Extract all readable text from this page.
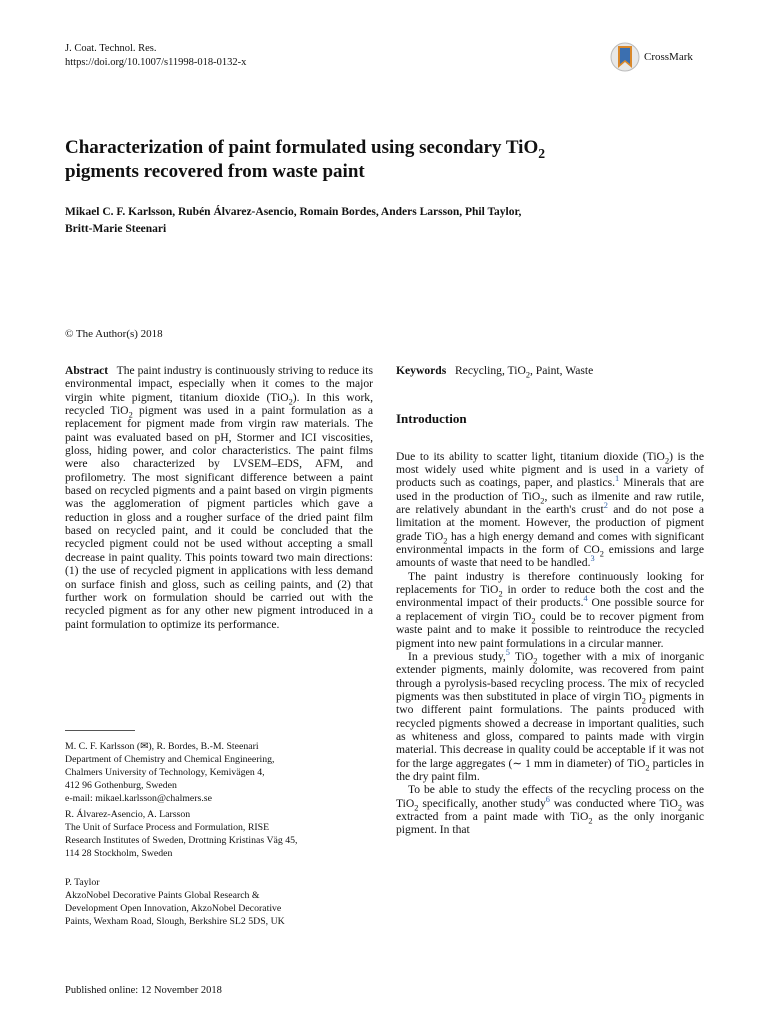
J. Coat. Technol. Res.
https://doi.org/10.1007/s11998-018-0132-x	CrossMark
Characterization of paint formulated using secondary TiO$_2$
pigments recovered from waste paint
Mikael C. F. Karlsson, Rubén Álvarez-Asencio, Romain Bordes, Anders Larsson, Phil Taylor,
Britt-Marie Steenari
© The Author(s) 2018

Abstract The paint industry is continuously striving to reduce its environmental impact, especially when it comes to the major virgin white pigment, titanium dioxide (TiO$_2$). In this work, recycled TiO$_2$ pigment was used in a paint formulation as a replacement for pigment made from virgin raw materials. The paint was evaluated based on pH, Stormer and ICI viscosities, gloss, hiding power, and color characteristics. The paint films were also characterized by LVSEM–EDS, AFM, and profilometry. The most significant difference between a paint based on recycled pigments and a paint based on virgin pigments was the agglomeration of pigment particles which gave a reduction in gloss and a rougher surface of the dried paint film based on recycled paint, and it could be concluded that the recycled pigment could not be used without accepting a small decrease in paint quality. This points toward two main directions: (1) the use of recycled pigment in applications with less demand on surface finish and gloss, such as ceiling paints, and (2) that further work on formulation should be carried out with the recycled pigment as for any other new pigment introduced in a paint formulation to optimize its performance.

M. C. F. Karlsson (✉), R. Bordes, B.-M. Steenari

Department of Chemistry and Chemical Engineering,

Chalmers University of Technology, Kemivägen 4,

412 96 Gothenburg, Sweden

e-mail: mikael.karlsson@chalmers.se

R. Álvarez-Asencio, A. Larsson

The Unit of Surface Process and Formulation, RISE

Research Institutes of Sweden, Drottning Kristinas Väg 45,

114 28 Stockholm, Sweden

P. Taylor

AkzoNobel Decorative Paints Global Research &

Development Open Innovation, AkzoNobel Decorative

Paints, Wexham Road, Slough, Berkshire SL2 5DS, UK

Published online: 12 November 2018

Keywords Recycling, TiO$_2$, Paint, Waste

Introduction

Due to its ability to scatter light, titanium dioxide (TiO$_2$) is the most widely used white pigment and is used in a variety of products such as coatings, paper, and plastics.$^1$ Minerals that are used in the production of TiO$_2$, such as ilmenite and raw rutile, are relatively abundant in the earth's crust$^2$ and do not pose a limitation at the moment. However, the production of pigment grade TiO$_2$ has a high energy demand and comes with significant environmental impacts in the form of $CO_2$ emissions and large amounts of waste that need to be handled.$^3$

The paint industry is therefore continuously looking for replacements for TiO$_2$ in order to reduce both the cost and the environmental impact of their products.$^4$ One possible source for a replacement of virgin TiO$_2$ could be to recover pigment from waste paint and to make it possible to reintroduce the recycled pigment into new paint formulations in a circular manner.

In a previous study,$^5$ TiO$_2$ together with a mix of inorganic extender pigments, mainly dolomite, was recovered from paint through a pyrolysis-based recycling process. The mix of recycled pigments was then substituted in place of virgin TiO$_2$ pigments in two different paint formulations. The paints produced with recycled pigments showed a decrease in important qualities, such as whiteness and gloss, compared to paints made with virgin material. This decrease in quality could be acceptable if it was not for the large aggregates (∼ 1 mm in diameter) of TiO$_2$ particles in the dry paint film.

To be able to study the effects of the recycling process on the TiO$_2$ specifically, another study$^6$ was conducted where TiO$_2$ was extracted from a paint made with TiO$_2$ as the only inorganic pigment. In that
